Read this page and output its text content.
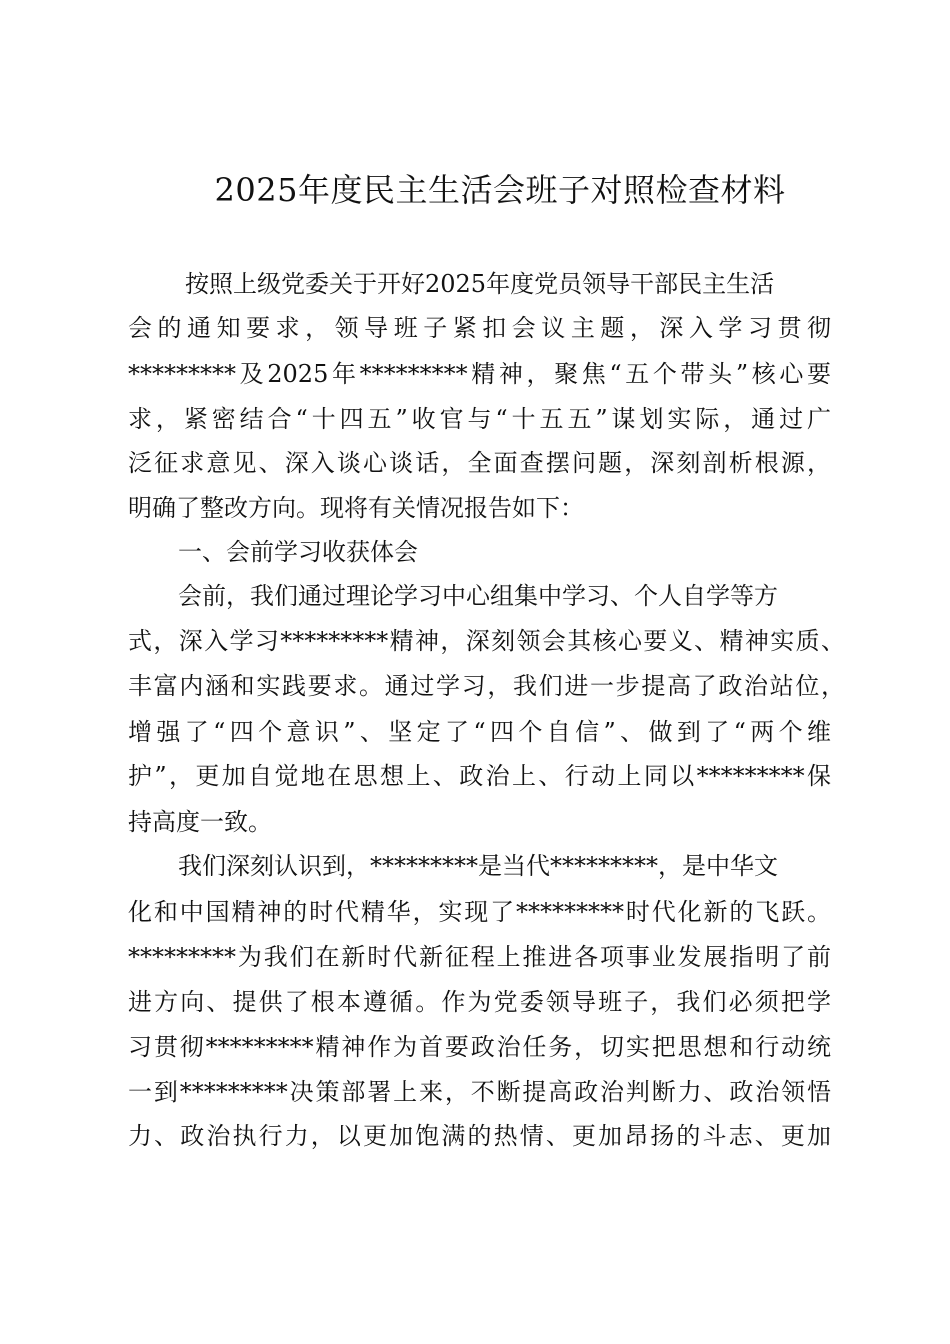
2025年度民主生活会班子对照检查材料

按照上级党委关于开好2025年度党员领导干部民主生活

会的通知要求，领导班子紧扣会议主题，深入学习贯彻

*********及2025年*********精神，聚焦“五个带头”核心要

求，紧密结合“十四五”收官与“十五五”谋划实际，通过广

泛征求意见、深入谈心谈话，全面查摆问题，深刻剖析根源，

明确了整改方向。现将有关情况报告如下：

一、会前学习收获体会

会前，我们通过理论学习中心组集中学习、个人自学等方

式，深入学习*********精神，深刻领会其核心要义、精神实质、

丰富内涵和实践要求。通过学习，我们进一步提高了政治站位，

增强了“四个意识”、坚定了“四个自信”、做到了“两个维

护”，更加自觉地在思想上、政治上、行动上同以*********保

持高度一致。

我们深刻认识到，*********是当代*********，是中华文

化和中国精神的时代精华，实现了*********时代化新的飞跃。

*********为我们在新时代新征程上推进各项事业发展指明了前

进方向、提供了根本遵循。作为党委领导班子，我们必须把学

习贯彻*********精神作为首要政治任务，切实把思想和行动统

一到*********决策部署上来，不断提高政治判断力、政治领悟

力、政治执行力，以更加饱满的热情、更加昂扬的斗志、更加
